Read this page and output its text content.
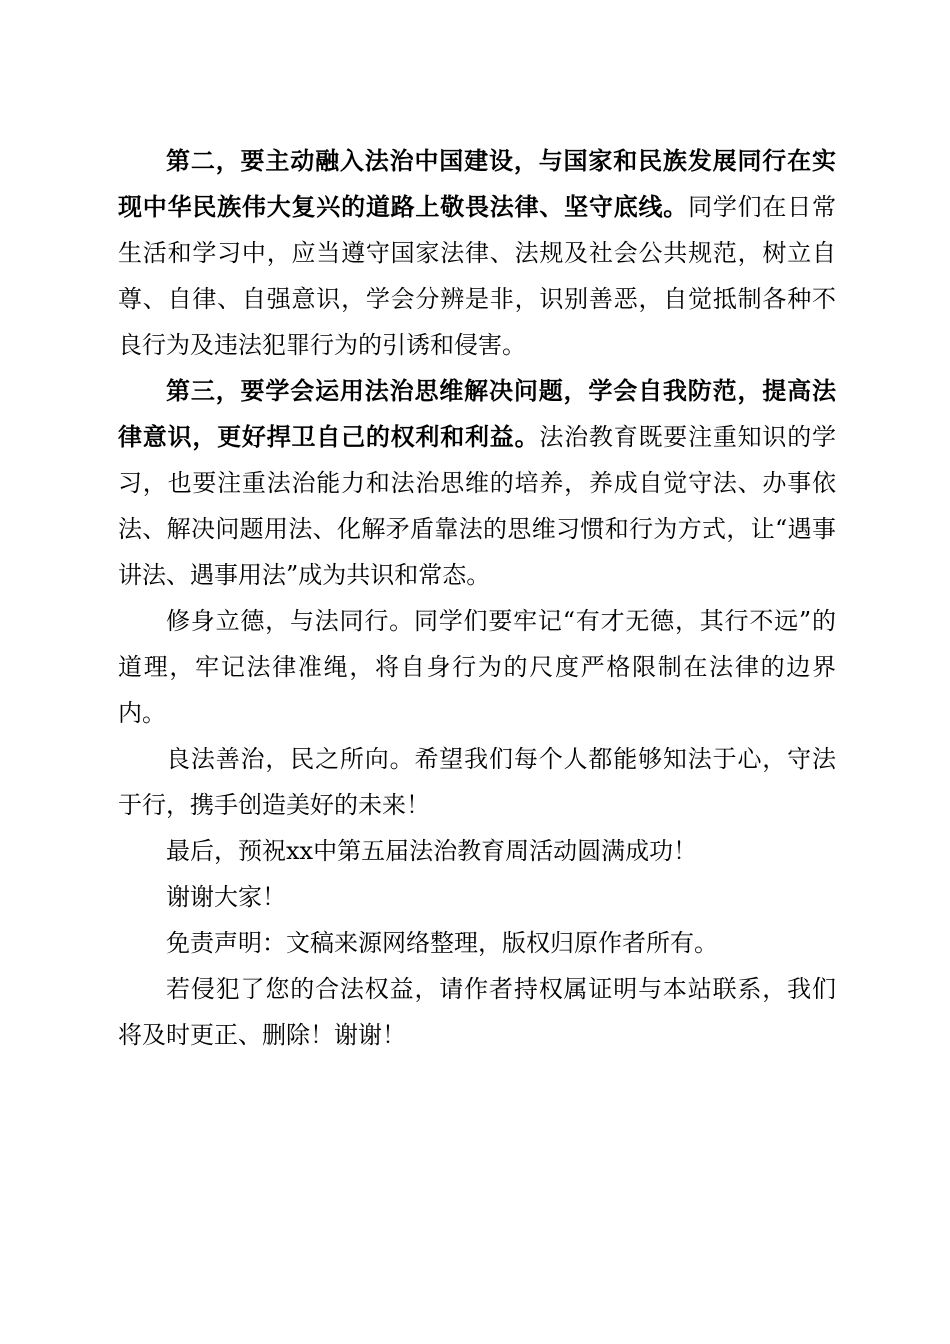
第二，要主动融入法治中国建设，与国家和民族发展同行在实现中华民族伟大复兴的道路上敬畏法律、坚守底线。同学们在日常生活和学习中，应当遵守国家法律、法规及社会公共规范，树立自尊、自律、自强意识，学会分辨是非，识别善恶，自觉抵制各种不良行为及违法犯罪行为的引诱和侵害。

第三，要学会运用法治思维解决问题，学会自我防范，提高法律意识，更好捍卫自己的权利和利益。法治教育既要注重知识的学习，也要注重法治能力和法治思维的培养，养成自觉守法、办事依法、解决问题用法、化解矛盾靠法的思维习惯和行为方式，让“遇事讲法、遇事用法”成为共识和常态。

修身立德，与法同行。同学们要牢记“有才无德，其行不远”的道理，牢记法律准绳，将自身行为的尺度严格限制在法律的边界内。

良法善治，民之所向。希望我们每个人都能够知法于心，守法于行，携手创造美好的未来！

最后，预祝xx中第五届法治教育周活动圆满成功！

谢谢大家！

免责声明：文稿来源网络整理，版权归原作者所有。

若侵犯了您的合法权益，请作者持权属证明与本站联系，我们将及时更正、删除！谢谢！
